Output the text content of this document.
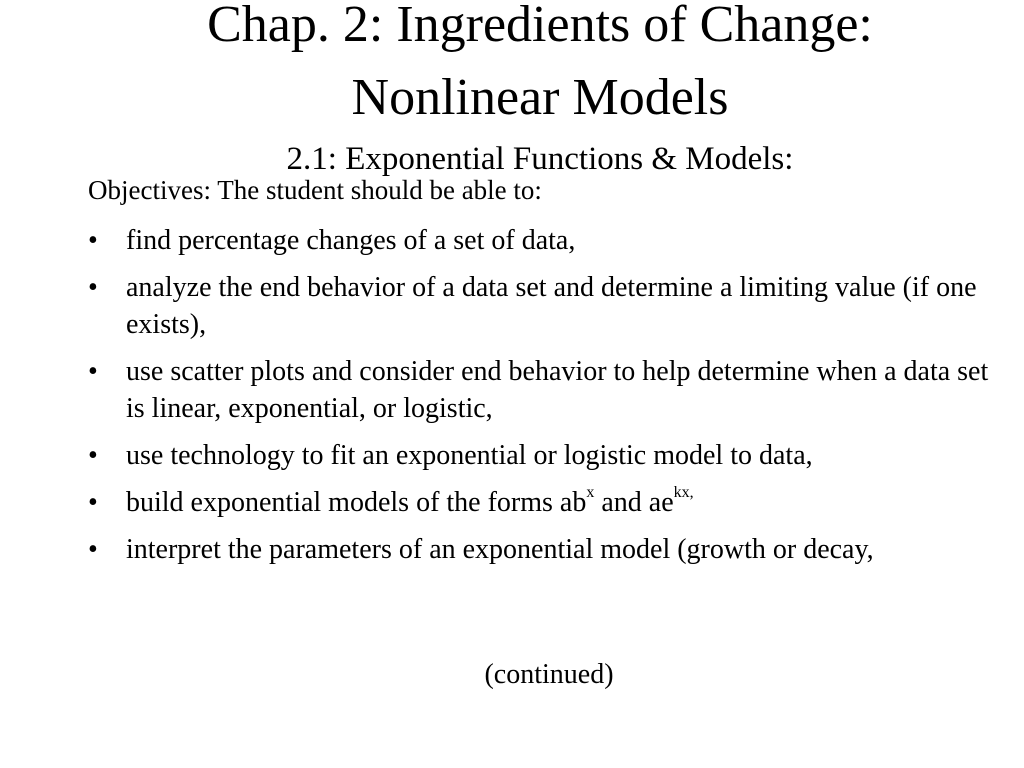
Chap. 2: Ingredients of Change:
Nonlinear Models
2.1: Exponential Functions & Models:
Objectives: The student should be able to:
• find percentage changes of a set of data,
• analyze the end behavior of a data set and determine a limiting value (if one exists),
• use scatter plots and consider end behavior to help determine when a data set is linear, exponential, or logistic,
• use technology to fit an exponential or logistic model to data,
• build exponential models of the forms $ab^x$ and $ae^{kx,}$
• interpret the parameters of an exponential model (growth or decay,
(continued)
